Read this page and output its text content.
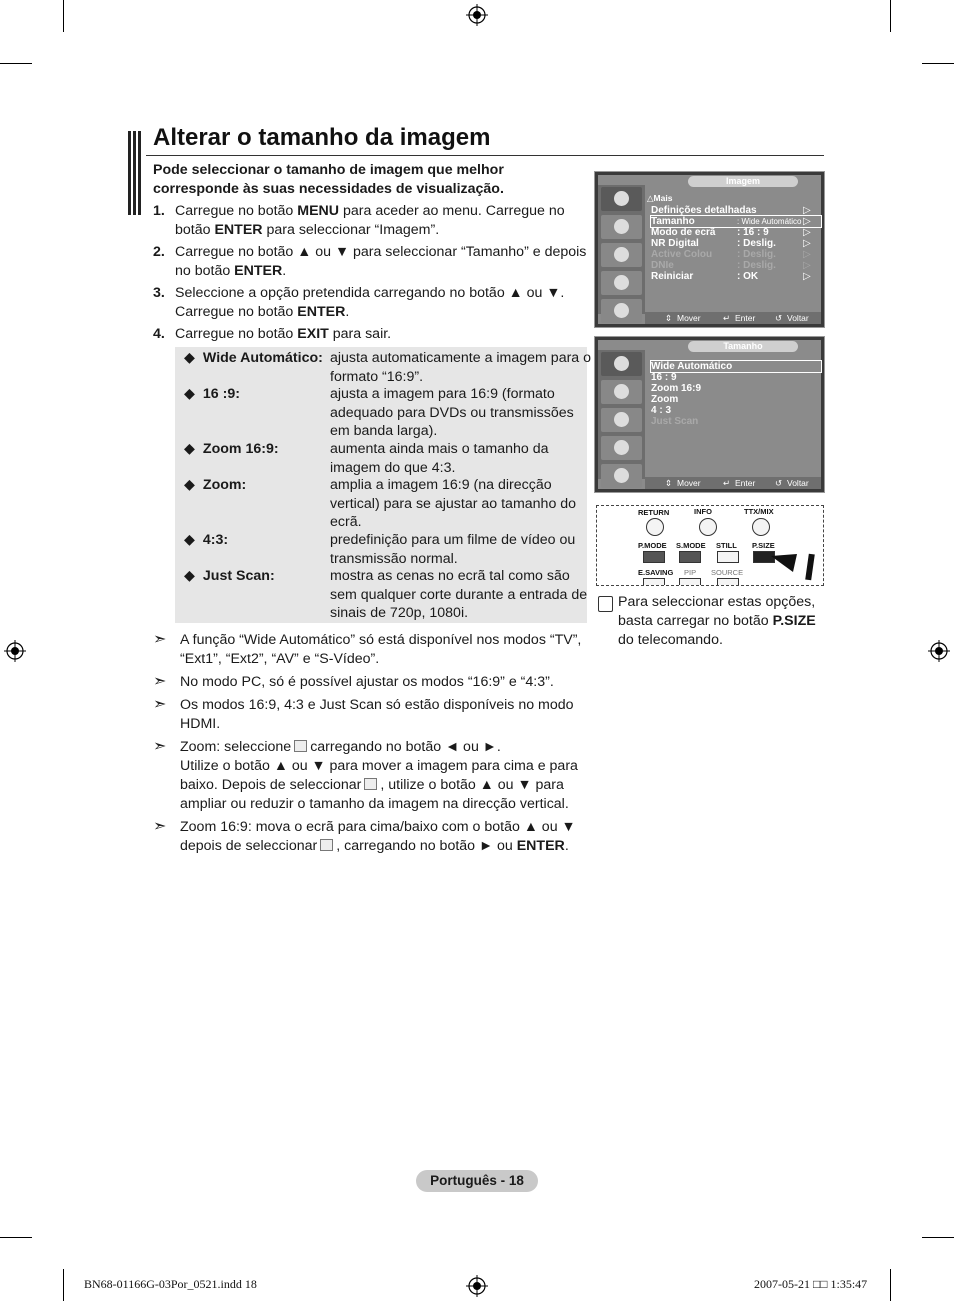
Alterar o tamanho da imagem
Pode seleccionar o tamanho de imagem que melhor corresponde às suas necessidades de visualização.
1. Carregue no botão MENU para aceder ao menu. Carregue no botão ENTER para seleccionar “Imagem”.
2. Carregue no botão ▲ ou ▼ para seleccionar “Tamanho” e depois no botão ENTER.
3. Seleccione a opção pretendida carregando no botão ▲ ou ▼. Carregue no botão ENTER.
4. Carregue no botão EXIT para sair.
◆ Wide Automático: ajusta automaticamente a imagem para o formato “16:9”.
◆ 16 :9:	ajusta a imagem para 16:9 (formato adequado para DVDs ou transmissões em banda larga).
◆ Zoom 16:9:	aumenta ainda mais o tamanho da imagem do que 4:3.
◆ Zoom:	amplia a imagem 16:9 (na direcção vertical) para se ajustar ao tamanho do ecrã.
◆ 4:3:	predefinição para um filme de vídeo ou transmissão normal.
◆ Just Scan:	mostra as cenas no ecrã tal como são sem qualquer corte durante a entrada de sinais de 720p, 1080i.
➣ A função “Wide Automático” só está disponível nos modos “TV”, “Ext1”, “Ext2”, “AV” e “S-Vídeo”.
➣ No modo PC, só é possível ajustar os modos “16:9” e “4:3”.
➣ Os modos 16:9, 4:3 e Just Scan só estão disponíveis no modo HDMI.
➣ Zoom: seleccione carregando no botão ◄ ou ►.
Utilize o botão ▲ ou ▼ para mover a imagem para cima e para baixo. Depois de seleccionar , utilize o botão ▲ ou ▼ para ampliar ou reduzir o tamanho da imagem na direcção vertical.
➣ Zoom 16:9: mova o ecrã para cima/baixo com o botão ▲ ou ▼ depois de seleccionar , carregando no botão ► ou ENTER.
Imagem
△Mais
Definições detalhadas	▷
Tamanho	: Wide Automático ▷
Modo de ecrã : 16 : 9	▷
NR Digital	: Deslig.	▷
Active Colou : Deslig.	▷
DNIe	: Deslig.	▷
Reiniciar	: OK	▷
⇕ Mover	↵ Enter ↺ Voltar
Tamanho
Wide Automático
16 : 9
Zoom 16:9
Zoom
4 : 3
Just Scan
⇕ Mover	↵ Enter ↺ Voltar
RETURN	INFO	TTX/MIX
P.MODE S.MODE STILL P.SIZE
E.SAVING PIP SOURCE
Para seleccionar estas opções, basta carregar no botão P.SIZE do telecomando.
Português - 18
BN68-01166G-03Por_0521.indd 18	2007-05-21 □□ 1:35:47
